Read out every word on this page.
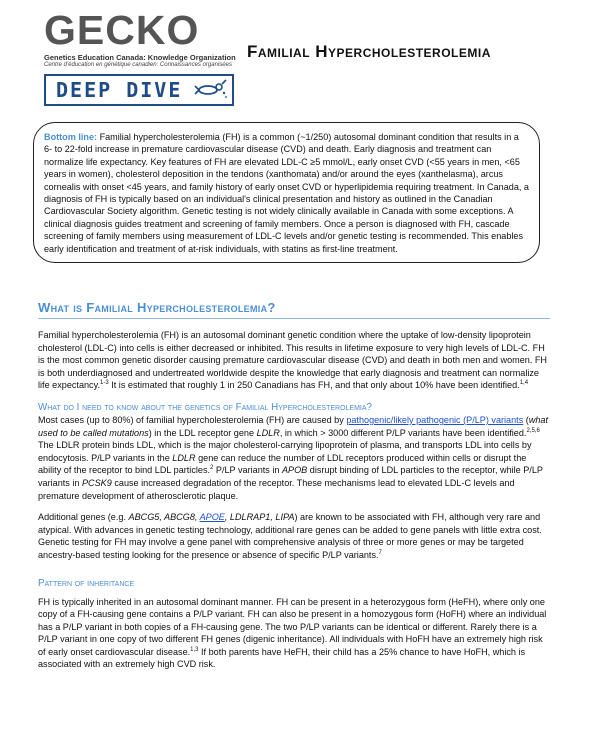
GECKO
Genetics Education Canada: Knowledge Organization
Centre d'éducation en génétique canadien: Connaissances organisées
DEEP DIVE
Familial Hypercholesterolemia
Bottom line: Familial hypercholesterolemia (FH) is a common (~1/250) autosomal dominant condition that results in a 6- to 22-fold increase in premature cardiovascular disease (CVD) and death. Early diagnosis and treatment can normalize life expectancy. Key features of FH are elevated LDL-C ≥5 mmol/L, early onset CVD (<55 years in men, <65 years in women), cholesterol deposition in the tendons (xanthomata) and/or around the eyes (xanthelasma), arcus cornealis with onset <45 years, and family history of early onset CVD or hyperlipidemia requiring treatment. In Canada, a diagnosis of FH is typically based on an individual's clinical presentation and history as outlined in the Canadian Cardiovascular Society algorithm. Genetic testing is not widely clinically available in Canada with some exceptions. A clinical diagnosis guides treatment and screening of family members. Once a person is diagnosed with FH, cascade screening of family members using measurement of LDL-C levels and/or genetic testing is recommended. This enables early identification and treatment of at-risk individuals, with statins as first-line treatment.
What is Familial Hypercholesterolemia?

Familial hypercholesterolemia (FH) is an autosomal dominant genetic condition where the uptake of low-density lipoprotein cholesterol (LDL-C) into cells is either decreased or inhibited. This results in lifetime exposure to very high levels of LDL-C. FH is the most common genetic disorder causing premature cardiovascular disease (CVD) and death in both men and women. FH is both underdiagnosed and undertreated worldwide despite the knowledge that early diagnosis and treatment can normalize life expectancy.$^{1-3}$ It is estimated that roughly 1 in 250 Canadians has FH, and that only about 10% have been identified.$^{1,4}$

What do I need to know about the genetics of Familial Hypercholesterolemia?

Most cases (up to 80%) of familial hypercholesterolemia (FH) are caused by pathogenic/likely pathogenic (P/LP) variants (what used to be called mutations) in the LDL receptor gene LDLR, in which > 3000 different P/LP variants have been identified.$^{2,5,6}$ The LDLR protein binds LDL, which is the major cholesterol-carrying lipoprotein of plasma, and transports LDL into cells by endocytosis. P/LP variants in the LDLR gene can reduce the number of LDL receptors produced within cells or disrupt the ability of the receptor to bind LDL particles.$^2$ P/LP variants in APOB disrupt binding of LDL particles to the receptor, while P/LP variants in PCSK9 cause increased degradation of the receptor. These mechanisms lead to elevated LDL-C levels and premature development of atherosclerotic plaque.

Additional genes (e.g. ABCG5, ABCG8, APOE, LDLRAP1, LIPA) are known to be associated with FH, although very rare and atypical. With advances in genetic testing technology, additional rare genes can be added to gene panels with little extra cost. Genetic testing for FH may involve a gene panel with comprehensive analysis of three or more genes or may be targeted ancestry-based testing looking for the presence or absence of specific P/LP variants.$^7$

Pattern of inheritance

FH is typically inherited in an autosomal dominant manner. FH can be present in a heterozygous form (HeFH), where only one copy of a FH-causing gene contains a P/LP variant. FH can also be present in a homozygous form (HoFH) where an individual has a P/LP variant in both copies of a FH-causing gene. The two P/LP variants can be identical or different. Rarely there is a P/LP variant in one copy of two different FH genes (digenic inheritance). All individuals with HoFH have an extremely high risk of early onset cardiovascular disease.$^{1,3}$ If both parents have HeFH, their child has a 25% chance to have HoFH, which is associated with an extremely high CVD risk.
